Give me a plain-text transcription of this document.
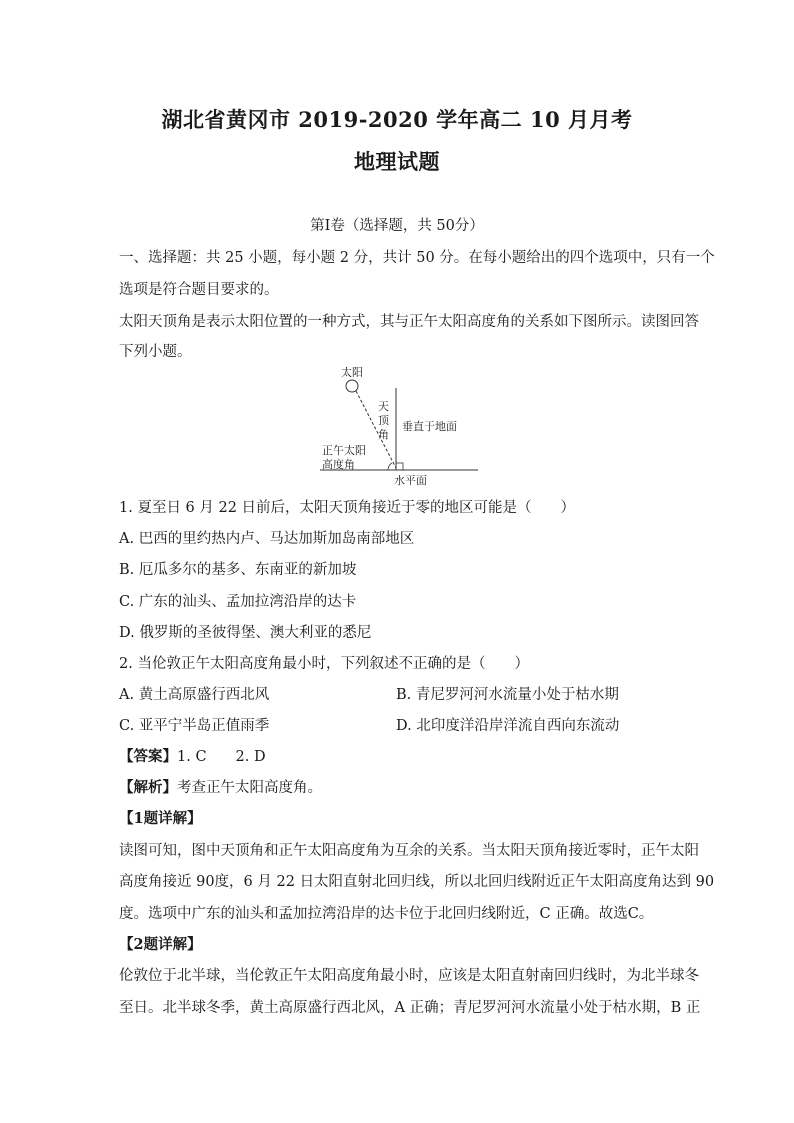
湖北省黄冈市 2019-2020 学年高二 10 月月考
地理试题
第Ⅰ卷（选择题，共 50分）
一、选择题：共 25 小题，每小题 2 分，共计 50 分。在每小题给出的四个选项中，只有一个
选项是符合题目要求的。
太阳天顶角是表示太阳位置的一种方式，其与正午太阳高度角的关系如下图所示。读图回答
下列小题。
太阳
天
顶
角
垂直于地面
正午太阳
高度角
水平面
1. 夏至日 6 月 22 日前后，太阳天顶角接近于零的地区可能是（　　）
A. 巴西的里约热内卢、马达加斯加岛南部地区
B. 厄瓜多尔的基多、东南亚的新加坡
C. 广东的汕头、孟加拉湾沿岸的达卡
D. 俄罗斯的圣彼得堡、澳大利亚的悉尼
2. 当伦敦正午太阳高度角最小时，下列叙述不正确的是（　　）
A. 黄土高原盛行西北风	B. 青尼罗河河水流量小处于枯水期
C. 亚平宁半岛正值雨季	D. 北印度洋沿岸洋流自西向东流动
【答案】1. C　　2. D
【解析】考查正午太阳高度角。
【1题详解】
读图可知，图中天顶角和正午太阳高度角为互余的关系。当太阳天顶角接近零时，正午太阳
高度角接近 90度，6 月 22 日太阳直射北回归线，所以北回归线附近正午太阳高度角达到 90
度。选项中广东的汕头和孟加拉湾沿岸的达卡位于北回归线附近，C 正确。故选C。
【2题详解】
伦敦位于北半球，当伦敦正午太阳高度角最小时，应该是太阳直射南回归线时，为北半球冬
至日。北半球冬季，黄土高原盛行西北风，A 正确；青尼罗河河水流量小处于枯水期，B 正
